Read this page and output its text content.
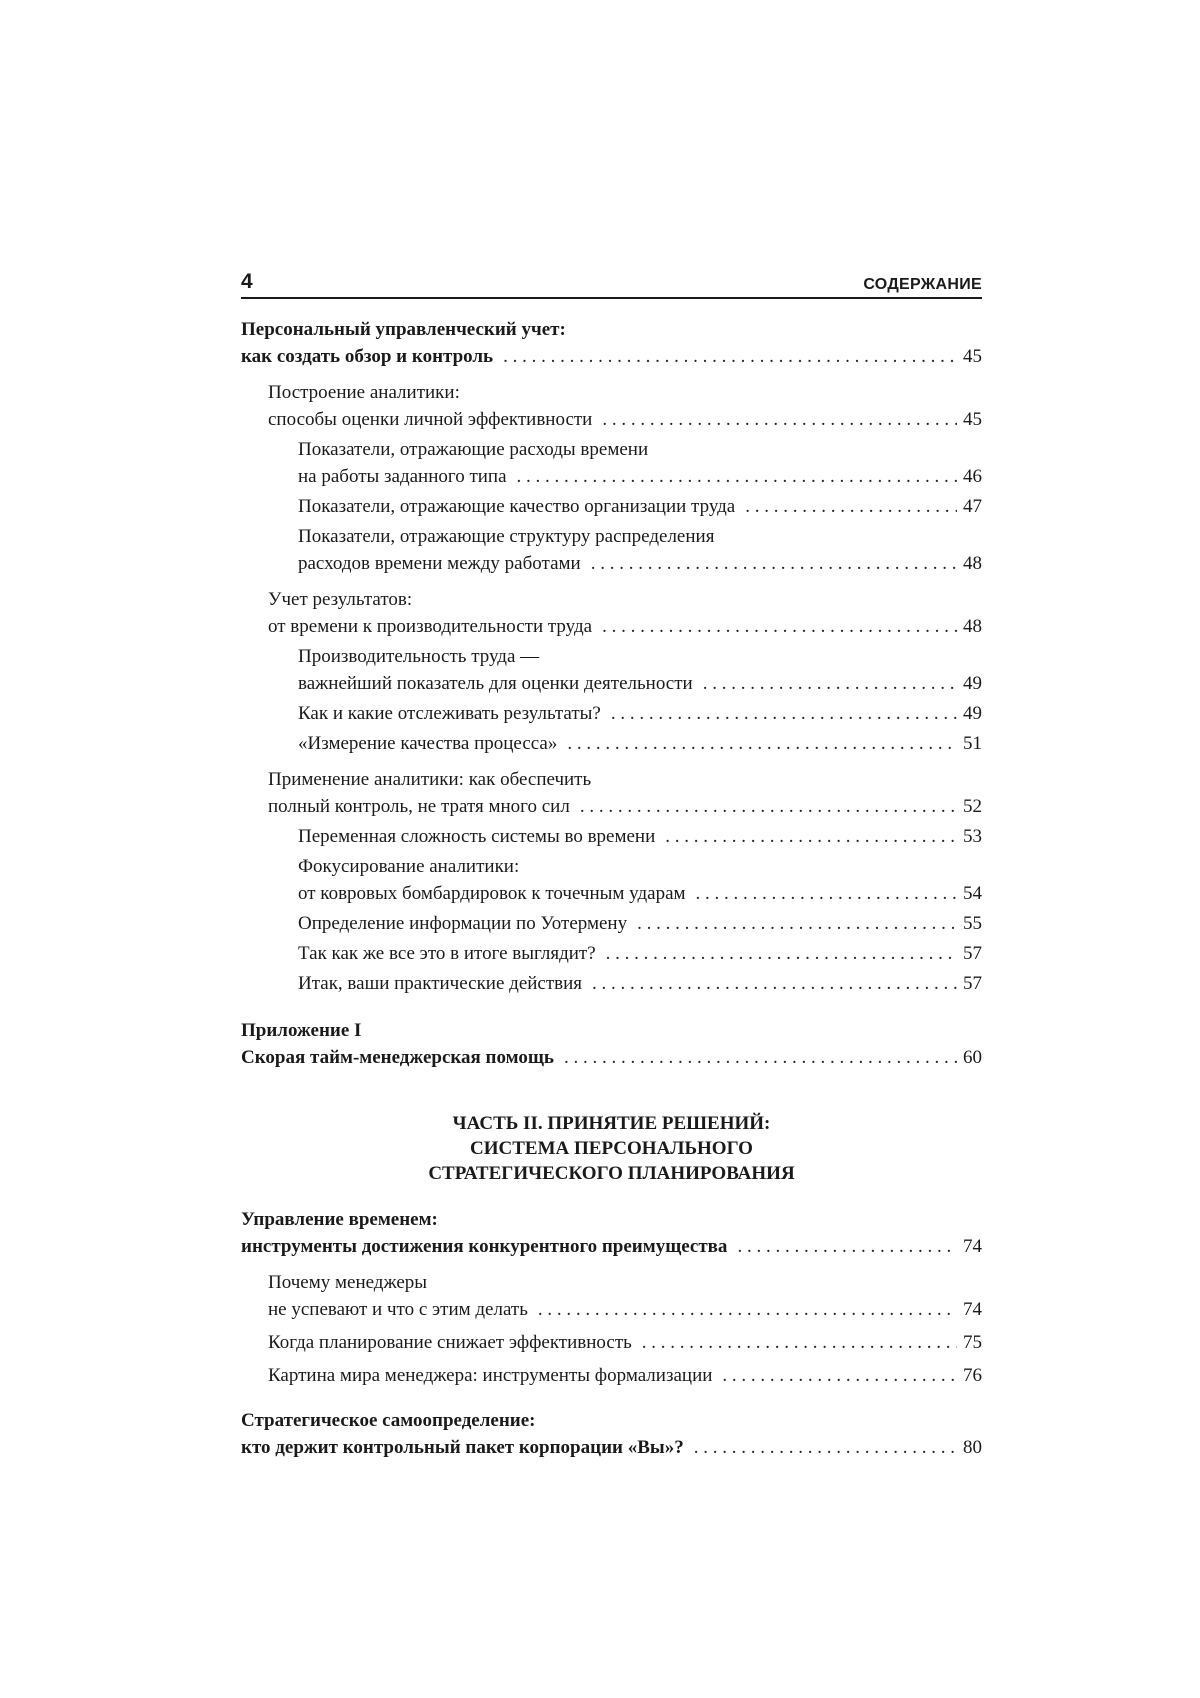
4	СОДЕРЖАНИЕ
Персональный управленческий учет:
как создать обзор и контроль . . .	45
Построение аналитики:
способы оценки личной эффективности . . .	45
Показатели, отражающие расходы времени
на работы заданного типа . . .	46
Показатели, отражающие качество организации труда . . .	47
Показатели, отражающие структуру распределения
расходов времени между работами . . .	48
Учет результатов:
от времени к производительности труда . . .	48
Производительность труда —
важнейший показатель для оценки деятельности . . .	49
Как и какие отслеживать результаты? . . .	49
«Измерение качества процесса» . . .	51
Применение аналитики: как обеспечить
полный контроль, не тратя много сил . . .	52
Переменная сложность системы во времени . . .	53
Фокусирование аналитики:
от ковровых бомбардировок к точечным ударам . . .	54
Определение информации по Уотермену . . .	55
Так как же все это в итоге выглядит? . . .	57
Итак, ваши практические действия . . .	57
Приложение I
Скорая тайм-менеджерская помощь . . .	60
ЧАСТЬ II. ПРИНЯТИЕ РЕШЕНИЙ:
СИСТЕМА ПЕРСОНАЛЬНОГО
СТРАТЕГИЧЕСКОГО ПЛАНИРОВАНИЯ
Управление временем:
инструменты достижения конкурентного преимущества . . .	74
Почему менеджеры
не успевают и что с этим делать . . .	74
Когда планирование снижает эффективность . . .	75
Картина мира менеджера: инструменты формализации . . .	76
Стратегическое самоопределение:
кто держит контрольный пакет корпорации «Вы»? . . .	80
